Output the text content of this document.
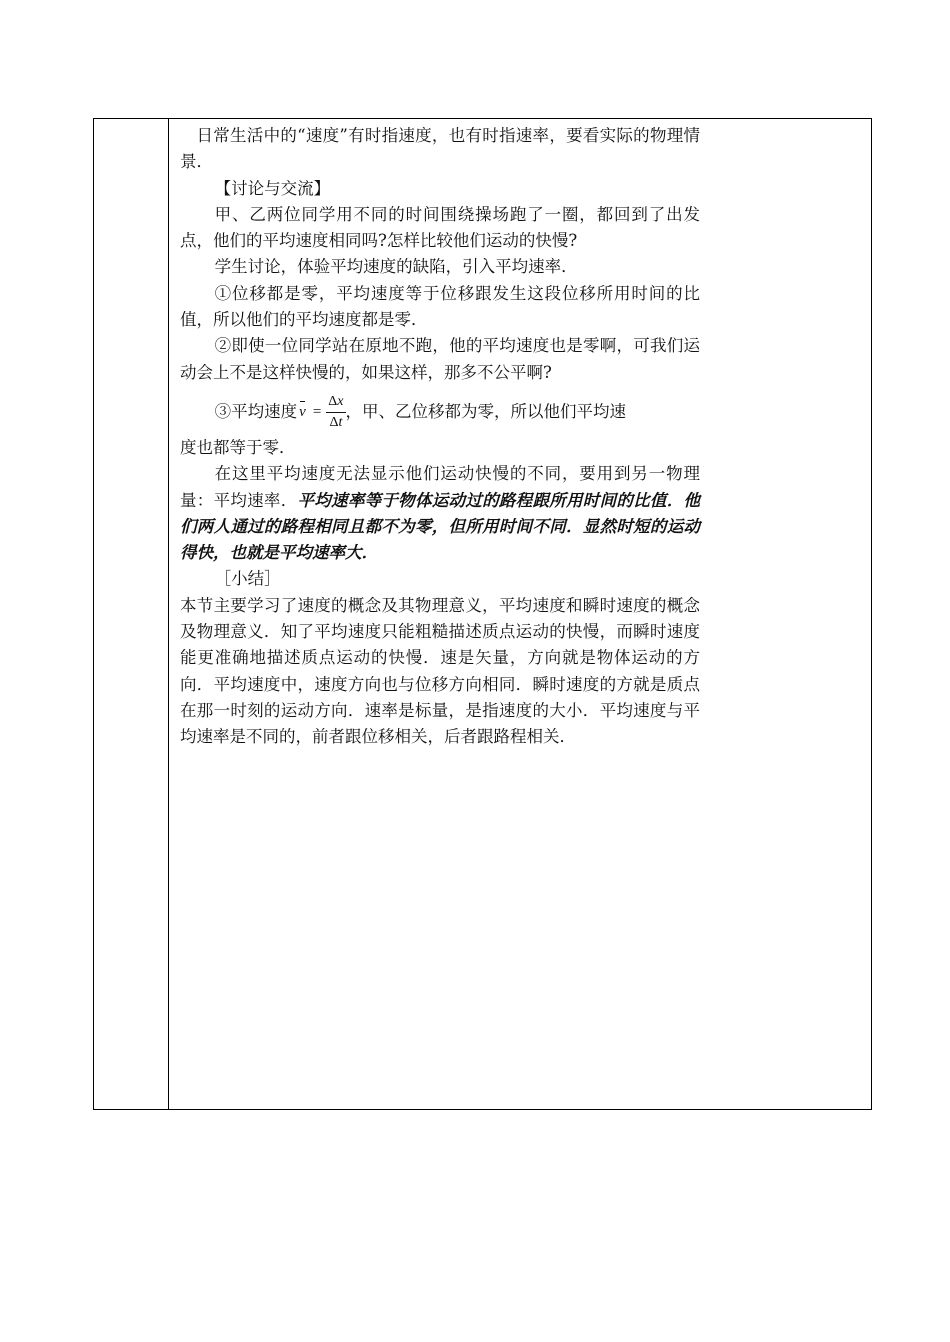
日常生活中的“速度”有时指速度，也有时指速率，要看实际的物理情景．

【讨论与交流】

甲、乙两位同学用不同的时间围绕操场跑了一圈，都回到了出发点，他们的平均速度相同吗?怎样比较他们运动的快慢?

学生讨论，体验平均速度的缺陷，引入平均速率．

①位移都是零，平均速度等于位移跟发生这段位移所用时间的比值，所以他们的平均速度都是零．

②即使一位同学站在原地不跑，他的平均速度也是零啊，可我们运动会上不是这样快慢的，如果这样，那多不公平啊?

③平均速度 $v = \frac{\Delta x}{\Delta t}$ ，甲、乙位移都为零，所以他们平均速

度也都等于零．

在这里平均速度无法显示他们运动快慢的不同，要用到另一物理量：平均速率．平均速率等于物体运动过的路程跟所用时间的比值．他们两人通过的路程相同且都不为零，但所用时间不同．显然时短的运动得快，也就是平均速率大．

［小结］

本节主要学习了速度的概念及其物理意义，平均速度和瞬时速度的概念及物理意义．知了平均速度只能粗糙描述质点运动的快慢，而瞬时速度能更准确地描述质点运动的快慢．速是矢量，方向就是物体运动的方向．平均速度中，速度方向也与位移方向相同．瞬时速度的方就是质点在那一时刻的运动方向．速率是标量，是指速度的大小．平均速度与平均速率是不同的，前者跟位移相关，后者跟路程相关．
